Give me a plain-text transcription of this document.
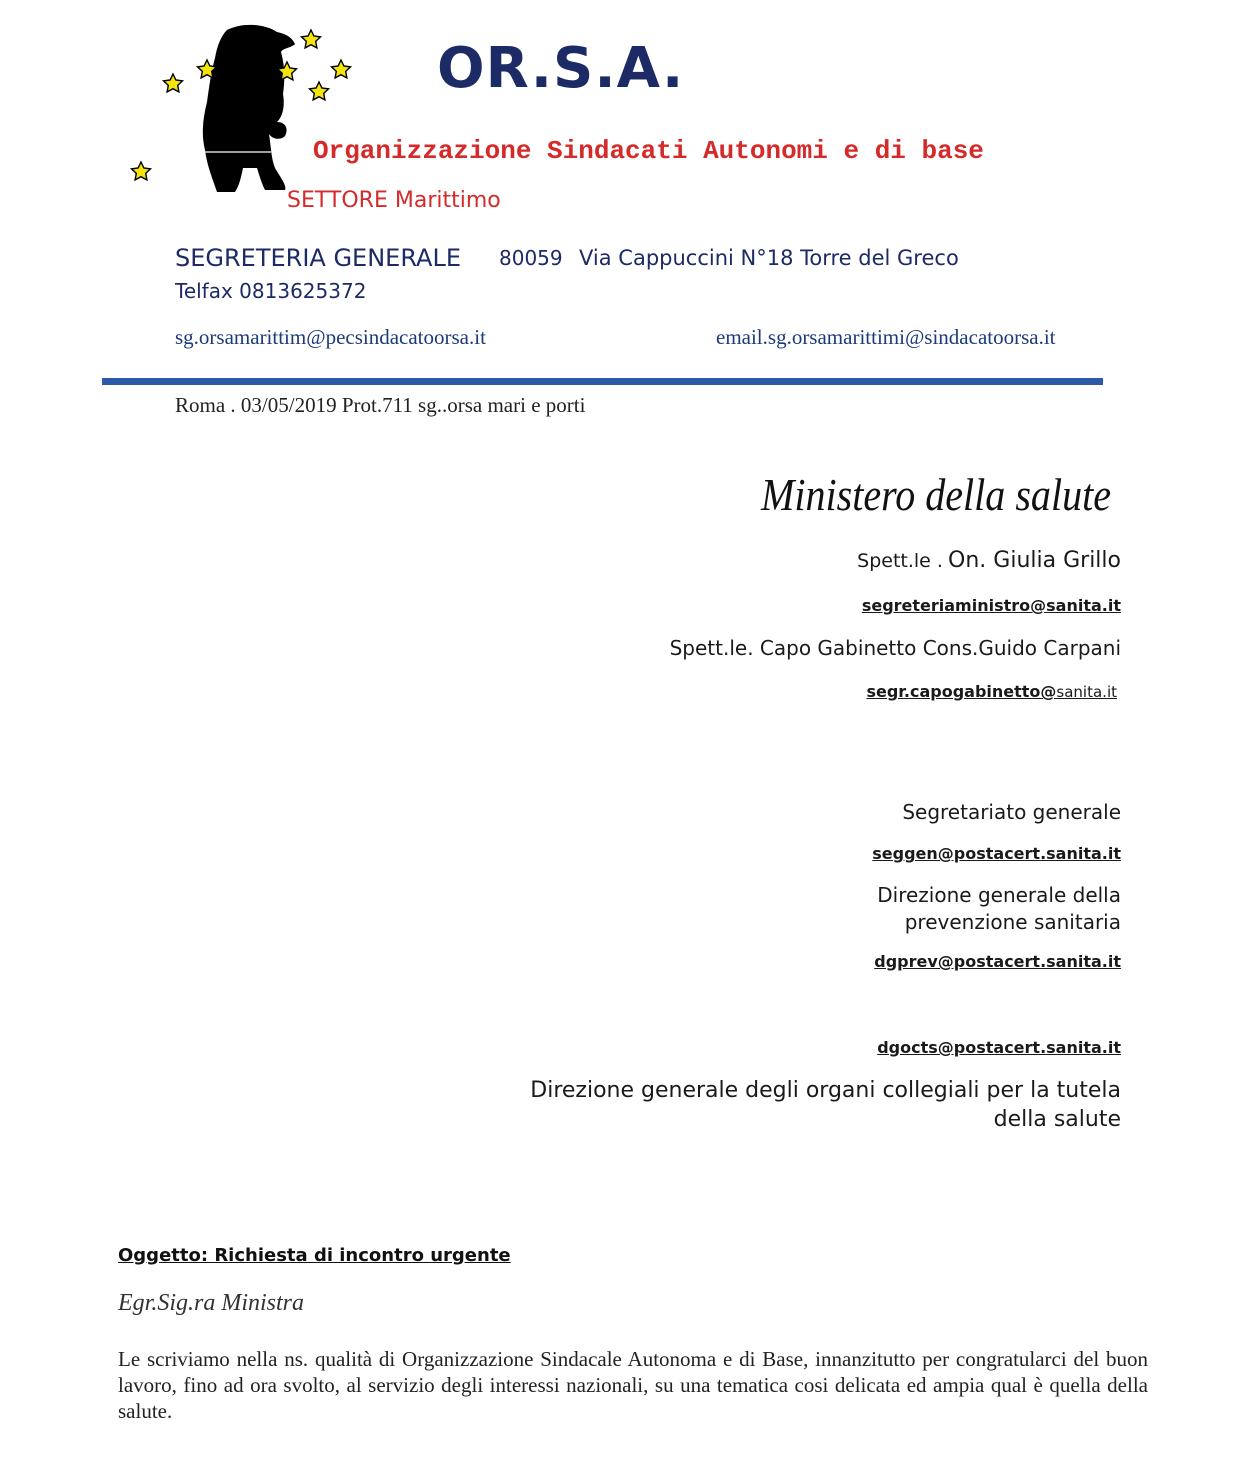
OR.S.A.
Organizzazione Sindacati Autonomi e di base
SETTORE Marittimo
SEGRETERIA GENERALE 80059 Via Cappuccini N°18 Torre del Greco
Telfax 0813625372
sg.orsamarittim@pecsindacatoorsa.it	email.sg.orsamarittimi@sindacatoorsa.it
Roma . 03/05/2019 Prot.711 sg..orsa mari e porti
Ministero della salute
Spett.le . On. Giulia Grillo
segreteriaministro@sanita.it
Spett.le. Capo Gabinetto Cons.Guido Carpani
segr.capogabinetto@sanita.it
Segretariato generale
seggen@postacert.sanita.it
Direzione generale della
prevenzione sanitaria
dgprev@postacert.sanita.it
dgocts@postacert.sanita.it
Direzione generale degli organi collegiali per la tutela
della salute
Oggetto: Richiesta di incontro urgente
Egr.Sig.ra Ministra
Le scriviamo nella ns. qualità di Organizzazione Sindacale Autonoma e di Base, innanzitutto per congratularci del buon lavoro, fino ad ora svolto, al servizio degli interessi nazionali, su una tematica cosi delicata ed ampia qual è quella della salute.
